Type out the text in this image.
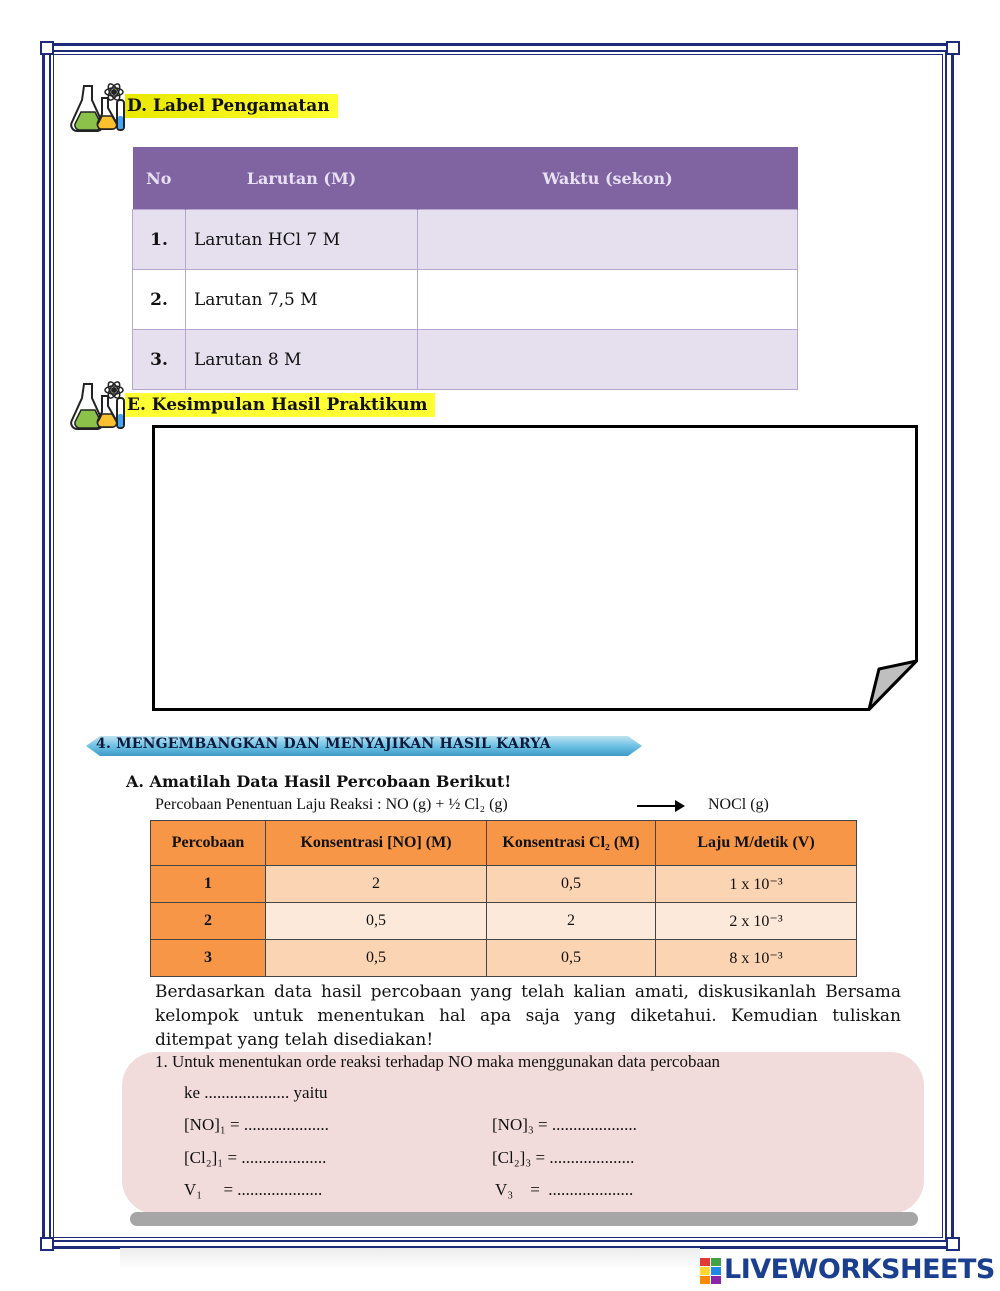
D. Label Pengamatan
No	Larutan (M)	Waktu (sekon)
1.	Larutan HCl 7 M	
2.	Larutan 7,5 M	
3.	Larutan 8 M	
E. Kesimpulan Hasil Praktikum
4. MENGEMBANGKAN DAN MENYAJIKAN HASIL KARYA
A. Amatilah Data Hasil Percobaan Berikut!
Percobaan Penentuan Laju Reaksi : NO (g) + ½ Cl₂ (g)	NOCl (g)
Percobaan	Konsentrasi [NO] (M)	Konsentrasi Cl₂ (M)	Laju M/detik (V)
1	2	0,5	1 x 10⁻³
2	0,5	2	2 x 10⁻³
3	0,5	0,5	8 x 10⁻³
Berdasarkan data hasil percobaan yang telah kalian amati, diskusikanlah Bersama kelompok untuk menentukan hal apa saja yang diketahui. Kemudian tuliskan ditempat yang telah disediakan!
1. Untuk menentukan orde reaksi terhadap NO maka menggunakan data percobaan
ke .................... yaitu
[NO]₁ = ....................	[NO]₃ = ....................
[Cl₂]₁ = ....................	[Cl₂]₃ = ....................
V₁     = ....................	V₃    =  ....................
LIVEWORKSHEETS
